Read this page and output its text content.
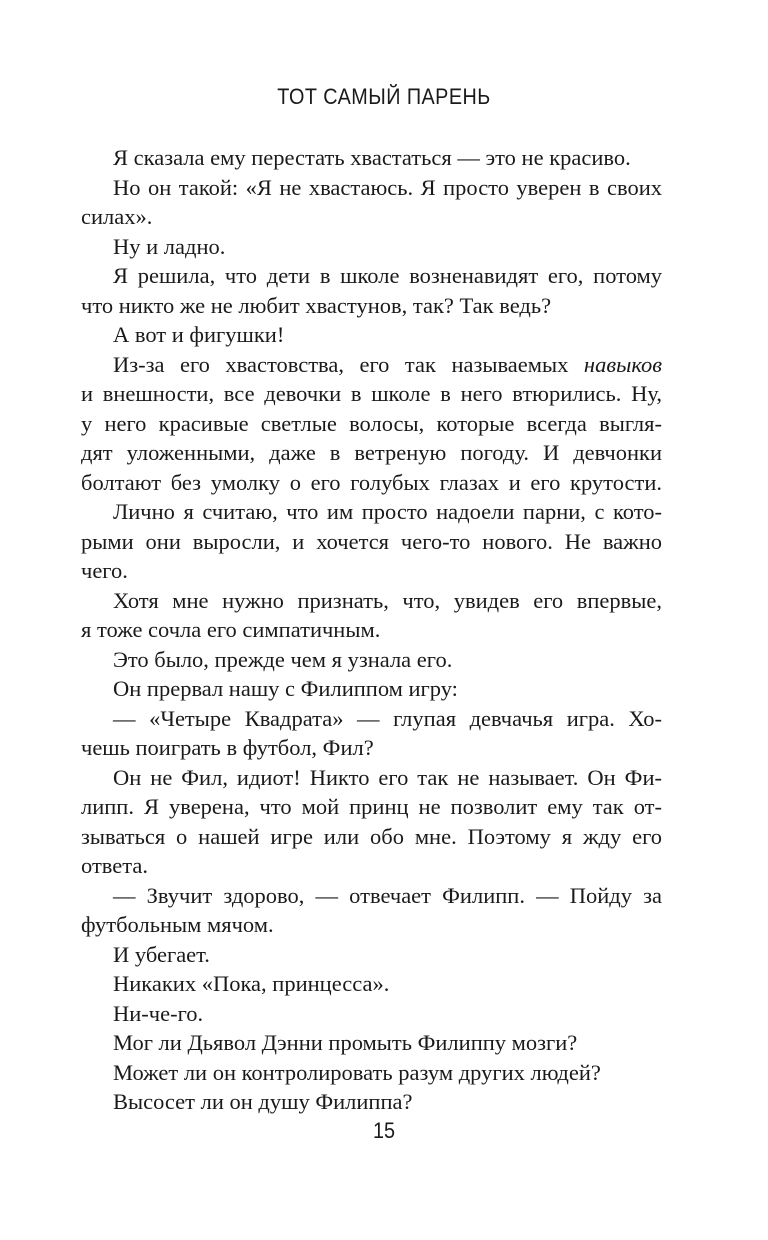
ТОТ САМЫЙ ПАРЕНЬ
Я сказала ему перестать хвастаться — это не красиво.
Но он такой: «Я не хвастаюсь. Я просто уверен в своих
силах».
Ну и ладно.
Я решила, что дети в школе возненавидят его, потому
что никто же не любит хвастунов, так? Так ведь?
А вот и фигушки!
Из-за его хвастовства, его так называемых навыков
и внешности, все девочки в школе в него втюрились. Ну,
у него красивые светлые волосы, которые всегда выгля-
дят уложенными, даже в ветреную погоду. И девчонки
болтают без умолку о его голубых глазах и его крутости.
Лично я считаю, что им просто надоели парни, с кото-
рыми они выросли, и хочется чего-то нового. Не важно
чего.
Хотя мне нужно признать, что, увидев его впервые,
я тоже сочла его симпатичным.
Это было, прежде чем я узнала его.
Он прервал нашу с Филиппом игру:
— «Четыре Квадрата» — глупая девчачья игра. Хо-
чешь поиграть в футбол, Фил?
Он не Фил, идиот! Никто его так не называет. Он Фи-
липп. Я уверена, что мой принц не позволит ему так от-
зываться о нашей игре или обо мне. Поэтому я жду его
ответа.
— Звучит здорово, — отвечает Филипп. — Пойду за
футбольным мячом.
И убегает.
Никаких «Пока, принцесса».
Ни-че-го.
Мог ли Дьявол Дэнни промыть Филиппу мозги?
Может ли он контролировать разум других людей?
Высосет ли он душу Филиппа?
15
